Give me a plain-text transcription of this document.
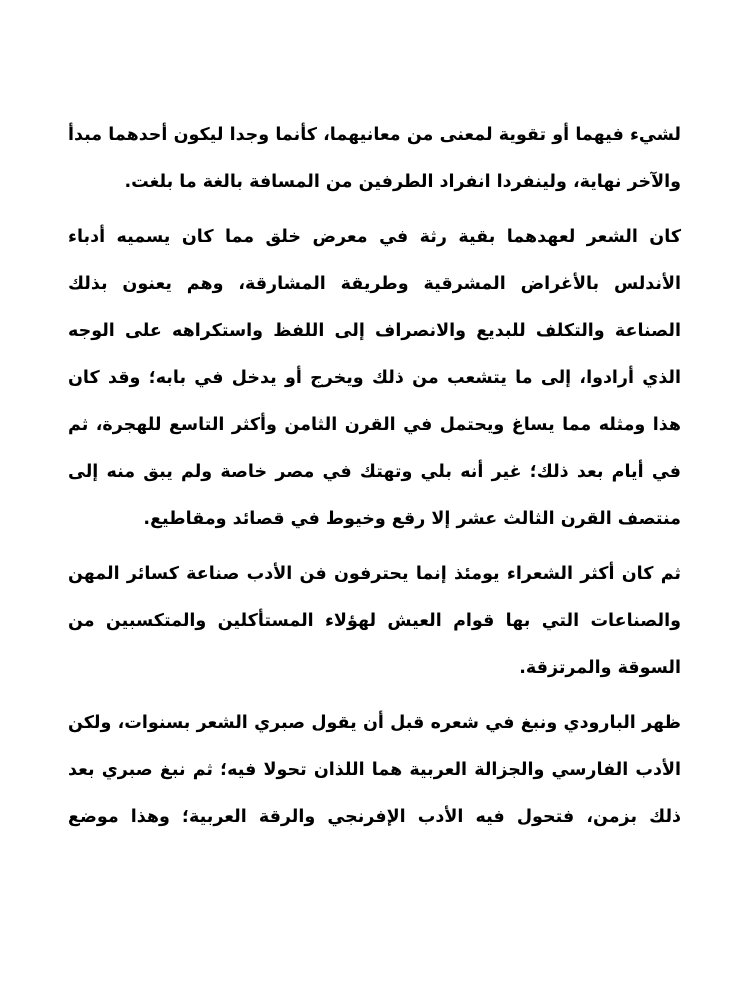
لشيء فيهما أو تقوية لمعنى من معانيهما، كأنما وجدا ليكون أحدهما مبدأ
والآخر نهاية، ولينفردا انفراد الطرفين من المسافة بالغة ما بلغت.
كان الشعر لعهدهما بقية رثة في معرض خلق مما كان يسميه أدباء
الأندلس بالأغراض المشرقية وطريقة المشارقة، وهم يعنون بذلك
الصناعة والتكلف للبديع والانصراف إلى اللفظ واستكراهه على الوجه
الذي أرادوا، إلى ما يتشعب من ذلك ويخرج أو يدخل في بابه؛ وقد كان
هذا ومثله مما يساغ ويحتمل في القرن الثامن وأكثر التاسع للهجرة، ثم
في أيام بعد ذلك؛ غير أنه بلي وتهتك في مصر خاصة ولم يبق منه إلى
منتصف القرن الثالث عشر إلا رقع وخيوط في قصائد ومقاطيع.
ثم كان أكثر الشعراء يومئذ إنما يحترفون فن الأدب صناعة كسائر المهن
والصناعات التي بها قوام العيش لهؤلاء المستأكلين والمتكسبين من
السوقة والمرتزقة.
ظهر البارودي ونبغ في شعره قبل أن يقول صبري الشعر بسنوات، ولكن
الأدب الفارسي والجزالة العربية هما اللذان تحولا فيه؛ ثم نبغ صبري بعد
ذلك بزمن، فتحول فيه الأدب الإفرنجي والرقة العربية؛ وهذا موضع
